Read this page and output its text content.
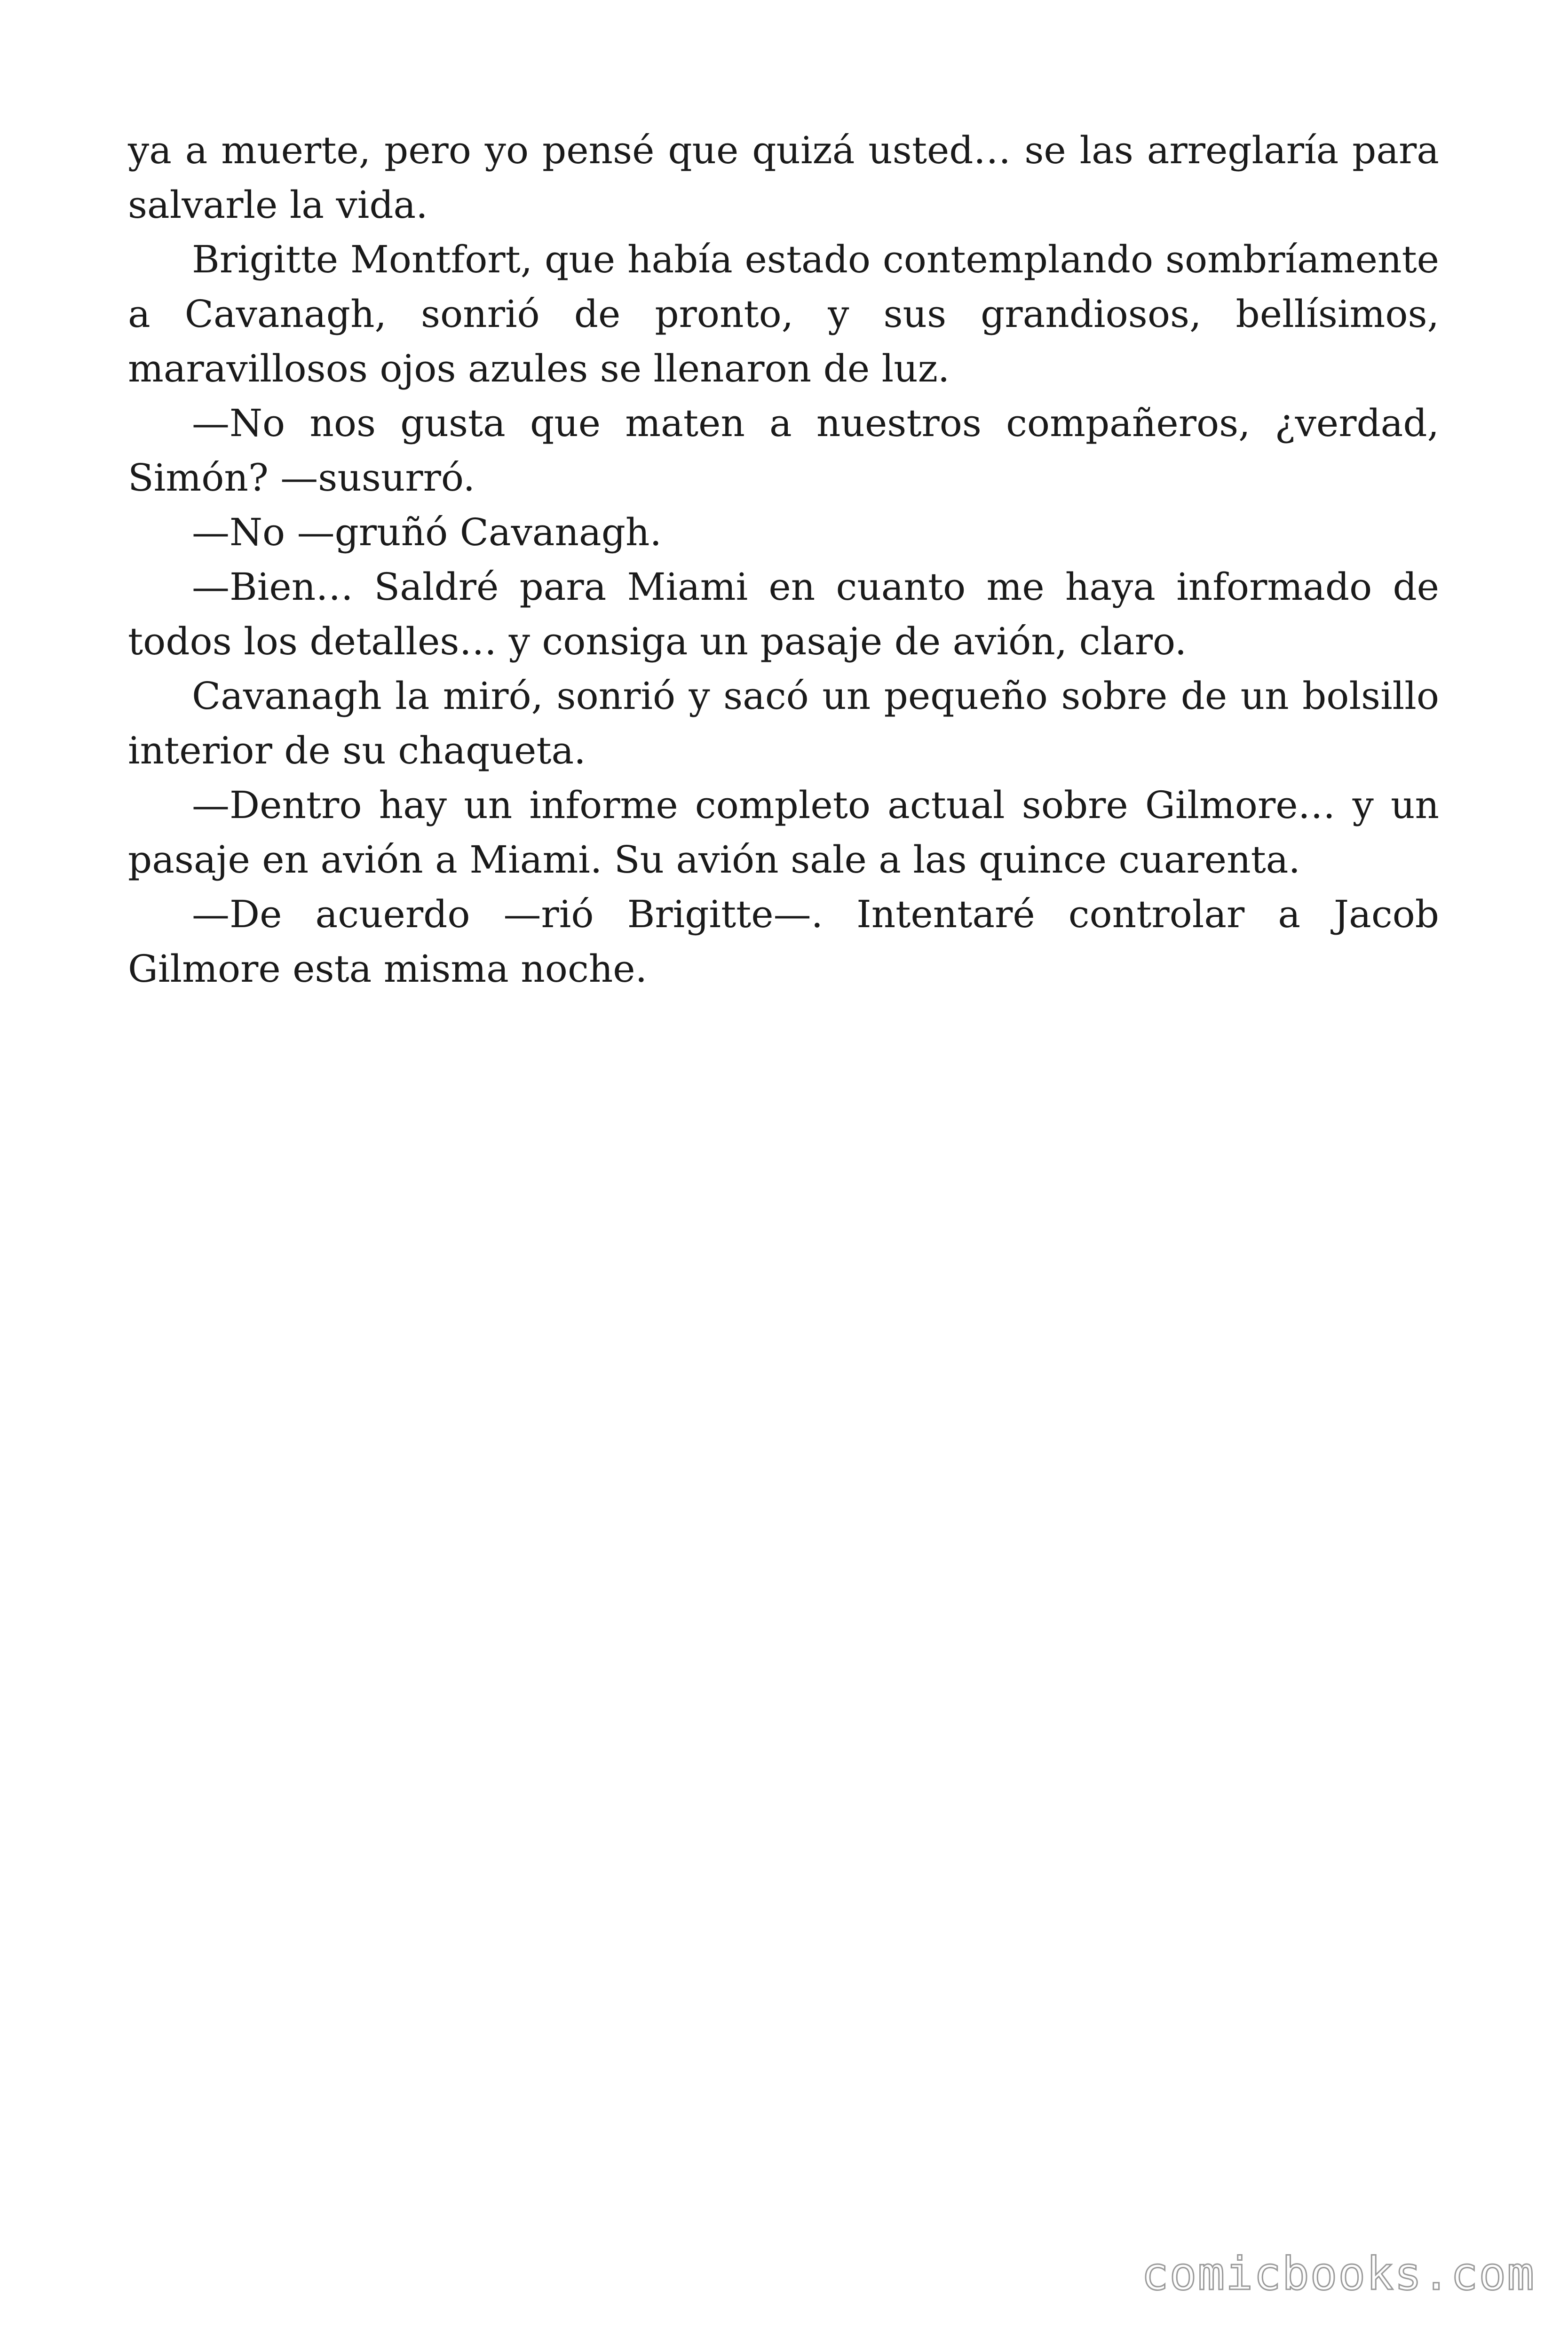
ya a muerte, pero yo pensé que quizá usted… se las arreglaría para salvarle la vida.

Brigitte Montfort, que había estado contemplando sombríamente a Cavanagh, sonrió de pronto, y sus grandiosos, bellísimos, maravillosos ojos azules se llenaron de luz.

—No nos gusta que maten a nuestros compañeros, ¿verdad, Simón? —susurró.

—No —gruñó Cavanagh.

—Bien… Saldré para Miami en cuanto me haya informado de todos los detalles… y consiga un pasaje de avión, claro.

Cavanagh la miró, sonrió y sacó un pequeño sobre de un bolsillo interior de su chaqueta.

—Dentro hay un informe completo actual sobre Gilmore… y un pasaje en avión a Miami. Su avión sale a las quince cuarenta.

—De acuerdo —rió Brigitte—. Intentaré controlar a Jacob Gilmore esta misma noche.

comicbooks.com
